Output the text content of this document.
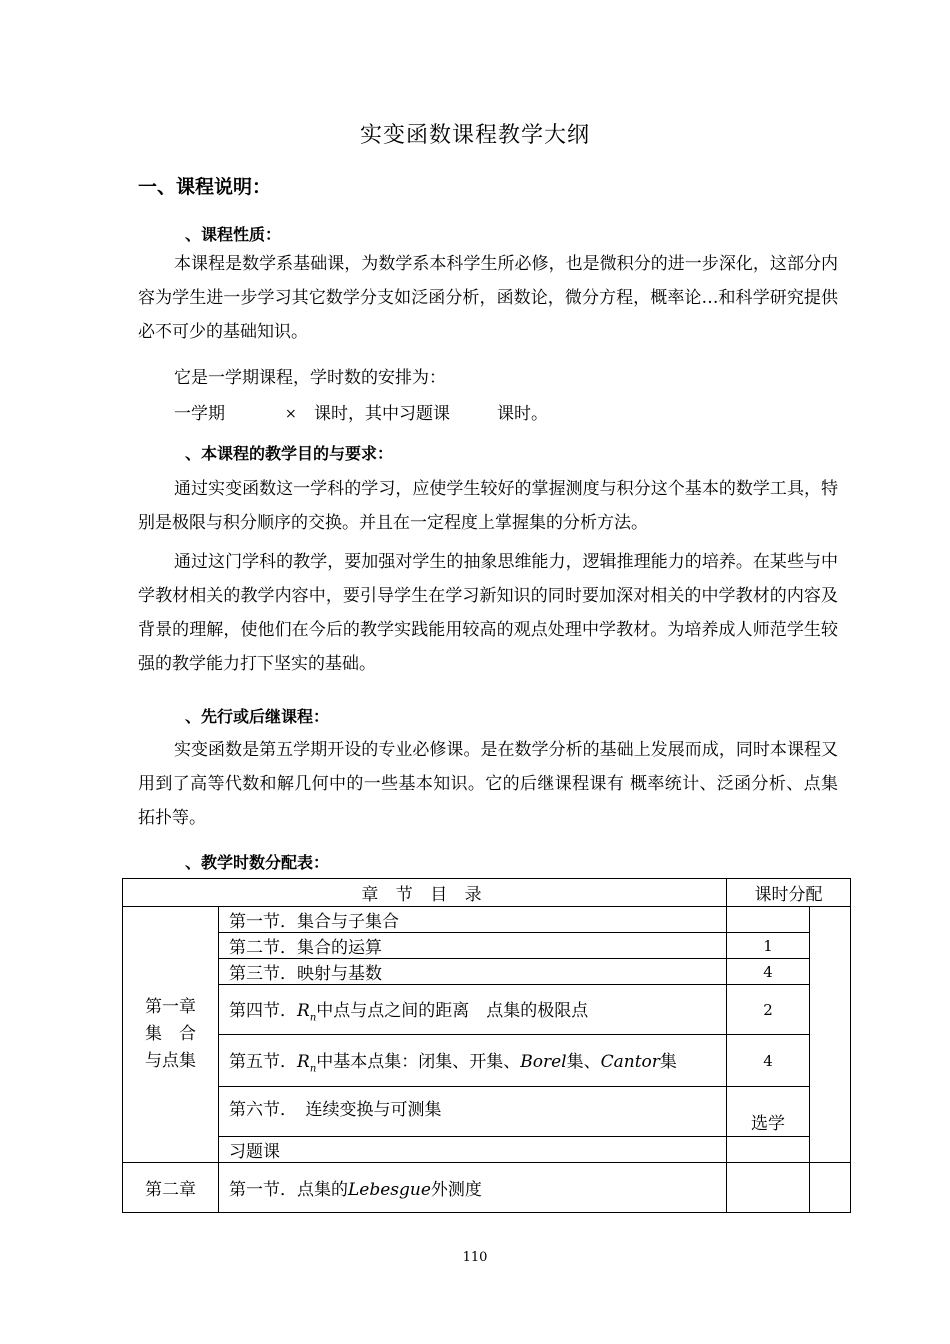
实变函数课程教学大纲
一、课程说明：
、课程性质：
本课程是数学系基础课，为数学系本科学生所必修，也是微积分的进一步深化，这部分内容为学生进一步学习其它数学分支如泛函分析，函数论，微分方程，概率论…和科学研究提供必不可少的基础知识。
它是一学期课程，学时数的安排为：
一学期	× 课时，其中习题课	课时。
、本课程的教学目的与要求：
通过实变函数这一学科的学习，应使学生较好的掌握测度与积分这个基本的数学工具，特别是极限与积分顺序的交换。并且在一定程度上掌握集的分析方法。
通过这门学科的教学，要加强对学生的抽象思维能力，逻辑推理能力的培养。在某些与中学教材相关的教学内容中，要引导学生在学习新知识的同时要加深对相关的中学教材的内容及背景的理解，使他们在今后的教学实践能用较高的观点处理中学教材。为培养成人师范学生较强的教学能力打下坚实的基础。
、先行或后继课程：
实变函数是第五学期开设的专业必修课。是在数学分析的基础上发展而成，同时本课程又用到了高等代数和解几何中的一些基本知识。它的后继课程课有 概率统计、泛函分析、点集拓扑等。
、教学时数分配表：
章 节 目 录		课时分配	

第一章
集　合
与点集	第一节．集合与子集合		
	第二节．集合的运算	1	
	第三节．映射与基数	4	
	第四节．$R_n$中点与点之间的距离　点集的极限点	2	
	第五节．$R_n$中基本点集：闭集、开集、Borel集、Cantor集	4	
	第六节．　连续变换与可测集	选学	
	习题课		
第二章	第一节．点集的Lebesgue外测度		
110
